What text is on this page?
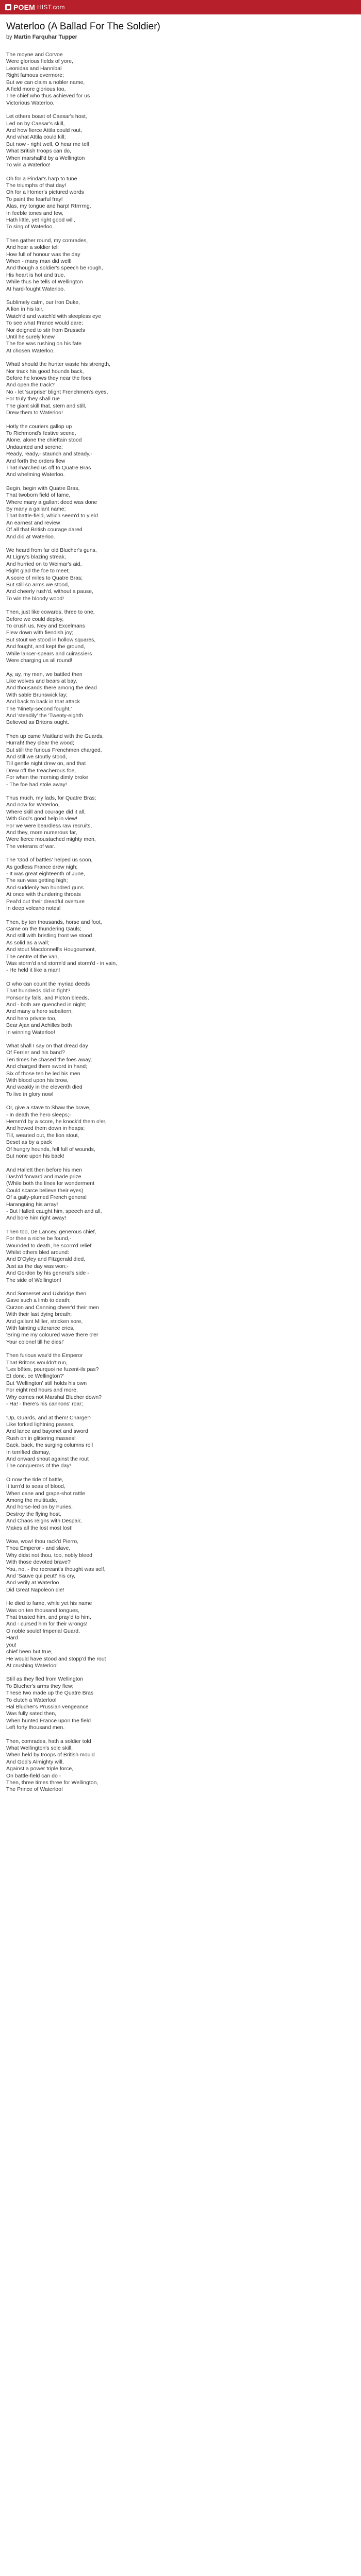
POEM HIST.com
Waterloo (A Ballad For The Soldier)
by Martin Farquhar Tupper
The moyne and Corvoe
Were glorious fields of yore,
Leonidas and Hannibal
Right famous evermore;
But we can claim a nobler name,
A field more glorious too,
The chief who thus achieved for us
Victorious Waterloo.
Let others boast of Caesar's host,
Led on by Caesar's skill,
And how fierce Attila could rout,
And what Attila could kill;
But now - right well, O hear me tell
What British troops can do,
When marshall'd by a Wellington
To win a Waterloo!
Oh for a Pindar's harp to tune
The triumphs of that day!
Oh for a Homer's pictured words
To paint the fearful fray!
Alas, my tongue and harp! Rtrrrrng,
In feeble tones and few,
Hath little, yet right good will,
To sing of Waterloo.
Then gather round, my comrades,
And hear a soldier tell
How full of honour was the day
When - many man did well!
And though a soldier's speech be rough,
His heart is hot and true,
While thus he tells of Wellington
At hard-fought Waterloo.
Sublimely calm, our Iron Duke,
A lion in his lair,
Watch'd and watch'd with sleepless eye
To see what France would dare;
Nor deigned to stir from Brussels
Until he surely knew
The foe was rushing on his fate
At chosen Waterloo.
What! should the hunter waste his strength,
Nor track his good hounds back,
Before he knows they near the foes
And open the track?
No - let 'surprise' blight Frenchmen's eyes,
For truly they shall rue
The giant skill that, stern and still,
Drew them to Waterloo!
Hotly the couriers gallop up
To Richmond's festive scene,
Alone, alone the chieftain stood
Undaunted and serene;
Ready, ready,- staunch and steady,-
And forth the orders flew
That marched us off to Quatre Bras
And whelming Waterloo.
Begin, begin with Quatre Bras,
That twoborn field of fame,
Where many a gallant deed was done
By many a gallant name;
That battle-field, which seem'd to yield
An earnest and review
Of all that British courage dared
And did at Waterloo.
We heard from far old Blucher's guns,
At Ligny's blazing streak,
And hurried on to Weimar's aid,
Right glad the foe to meet;
A score of miles to Quatre Bras;
But still so arms we stood,
And cheerly rush'd, without a pause,
To win the bloody wood!
Then, just like cowards, three to one,
Before we could deploy,
To crush us, Ney and Excelmans
Flew down with fiendish joy;
But stout we stood in hollow squares,
And fought, and kept the ground,
While lancer-spears and cuirassiers
Were charging us all round!
Ay, ay, my men, we battled then
Like wolves and bears at bay,
And thousands there among the dead
With sable Brunswick lay;
And back to back in that attack
The 'Ninety-second fought,'
And 'steadily' the 'Twenty-eighth
Believed as Britons ought.
Then up came Maitland with the Guards,
Hurrah! they clear the wood;
But still the furious Frenchmen charged,
And still we stoutly stood,
Till gentle night drew on, and that
Drew off the treacherous foe,
For when the morning dimly broke
- The foe had stole away!
Thus much, my lads, for Quatre Bras;
And now for Waterloo,
Where skill and courage did it all,
With God's good help in view!
For we were beardless raw recruits,
And they, more numerous far,
Were fierce moustached mighty men,
The veterans of war.
The 'God of battles' helped us soon,
As godless France drew nigh;
- It was great eighteenth of June,
The sun was getting high;
And suddenly two hundred guns
At once with thundering throats
Peal'd out their dreadful overture
In deep volcano notes!
Then, by ten thousands, horse and foot,
Came on the thundering Gauls;
And still with bristling front we stood
As solid as a wall;
And stout Macdonnell's Hougoumont,
The centre of the van,
Was storm'd and storm'd and storm'd - in vain,
- He held it like a man!
O who can count the myriad deeds
That hundreds did in fight?
Ponsonby falls, and Picton bleeds,
And - both are quenched in night;
And many a hero subaltern,
And hero private too,
Bear Ajax and Achilles both
In winning Waterloo!
What shall I say on that dread day
Of Ferrier and his band?
Ten times he chased the foes away,
And charged them sword in hand;
Six of those ten he led his men
With blood upon his brow,
And weakly in the eleventh died
To live in glory now!
Or, give a stave to Shaw the brave,
- In death the hero sleeps;-
Hemm'd by a score, he knock'd them o'er,
And hewed them down in heaps;
Till, wearied out, the lion stout,
Beset as by a pack
Of hungry hounds, fell full of wounds,
But none upon his back!
And Hallett then before his men
Dash'd forward and made prize
(While both the lines for wonderment
Could scarce believe their eyes)
Of a gaily-plumed French general
Haranguing his array!
- But Hallett caught him, speech and all,
And bore him right away!
Then too, De Lancey, generous chief,
For thee a niche be found,-
Wounded to death, he scorn'd relief
Whilst others bled around:
And D'Oyley and Fitzgerald died,
Just as the day was won;-
And Gordon by his general's side -
The side of Wellington!
And Somerset and Uxbridge then
Gave such a limb to death;
Curzon and Canning cheer'd their men
With their last dying breath;
And gallant Miller, stricken sore,
With fainting utterance cries,
'Bring me my coloured wave there o'er
Your colonel till he dies!'
Then furious wax'd the Emperor
That Britons wouldn't run,
'Les bêtes, pourquoi ne fuzent-ils pas?
Et donc, ce Wellington?'
But 'Wellington' still holds his own
For eight red hours and more,
Why comes not Marshal Blucher down?
- Ha! - there's his cannons' roar;
'Up, Guards, and at them! Charge!'-
Like forked lightning passes,
And lance and bayonet and sword
Rush on in glittering masses!
Back, back, the surging columns roll
In terrified dismay,
And onward shout against the rout
The conquerors of the day!
O now the tide of battle,
It turn'd to seas of blood,
When cane and grape-shot rattle
Among the multitude,
And horse-led on by Furies,
Destroy the flying host,
And Chaos reigns with Despair,
Makes all the lost most lost!
Wow, wow! thou rack'd Pierro,
Thou Emperor - and slave,
Why didst not thou, too, nobly bleed
With those devoted brave?
You, no, - the recreant's thought was self,
And 'Sauve qui peut!' his cry,
And verily at Waterloo
Did Great Napoleon die!
He died to fame, while yet his name
Was on ten thousand tongues,
That trusted him, and pray'd to him,
And - cursed him for their wrongs!
O noble sould! Imperial Guard,
Hard
you!
chief been but true,
He would have stood and stopp'd the rout
At crushing Waterloo!
Still as they fled from Wellington
To Blucher's arms they flew;
These two made up the Quatre Bras
To clutch a Waterloo!
Hal Blucher's Prussian vengeance
Was fully sated then,
When hunted France upon the field
Left forty thousand men.
Then, comrades, hath a soldier told
What Wellington's sole skill,
When held by troops of British mould
And God's Almighty will,
Against a power triple force,
On battle-field can do -
Then, three times three for Wellington,
The Prince of Waterloo!
